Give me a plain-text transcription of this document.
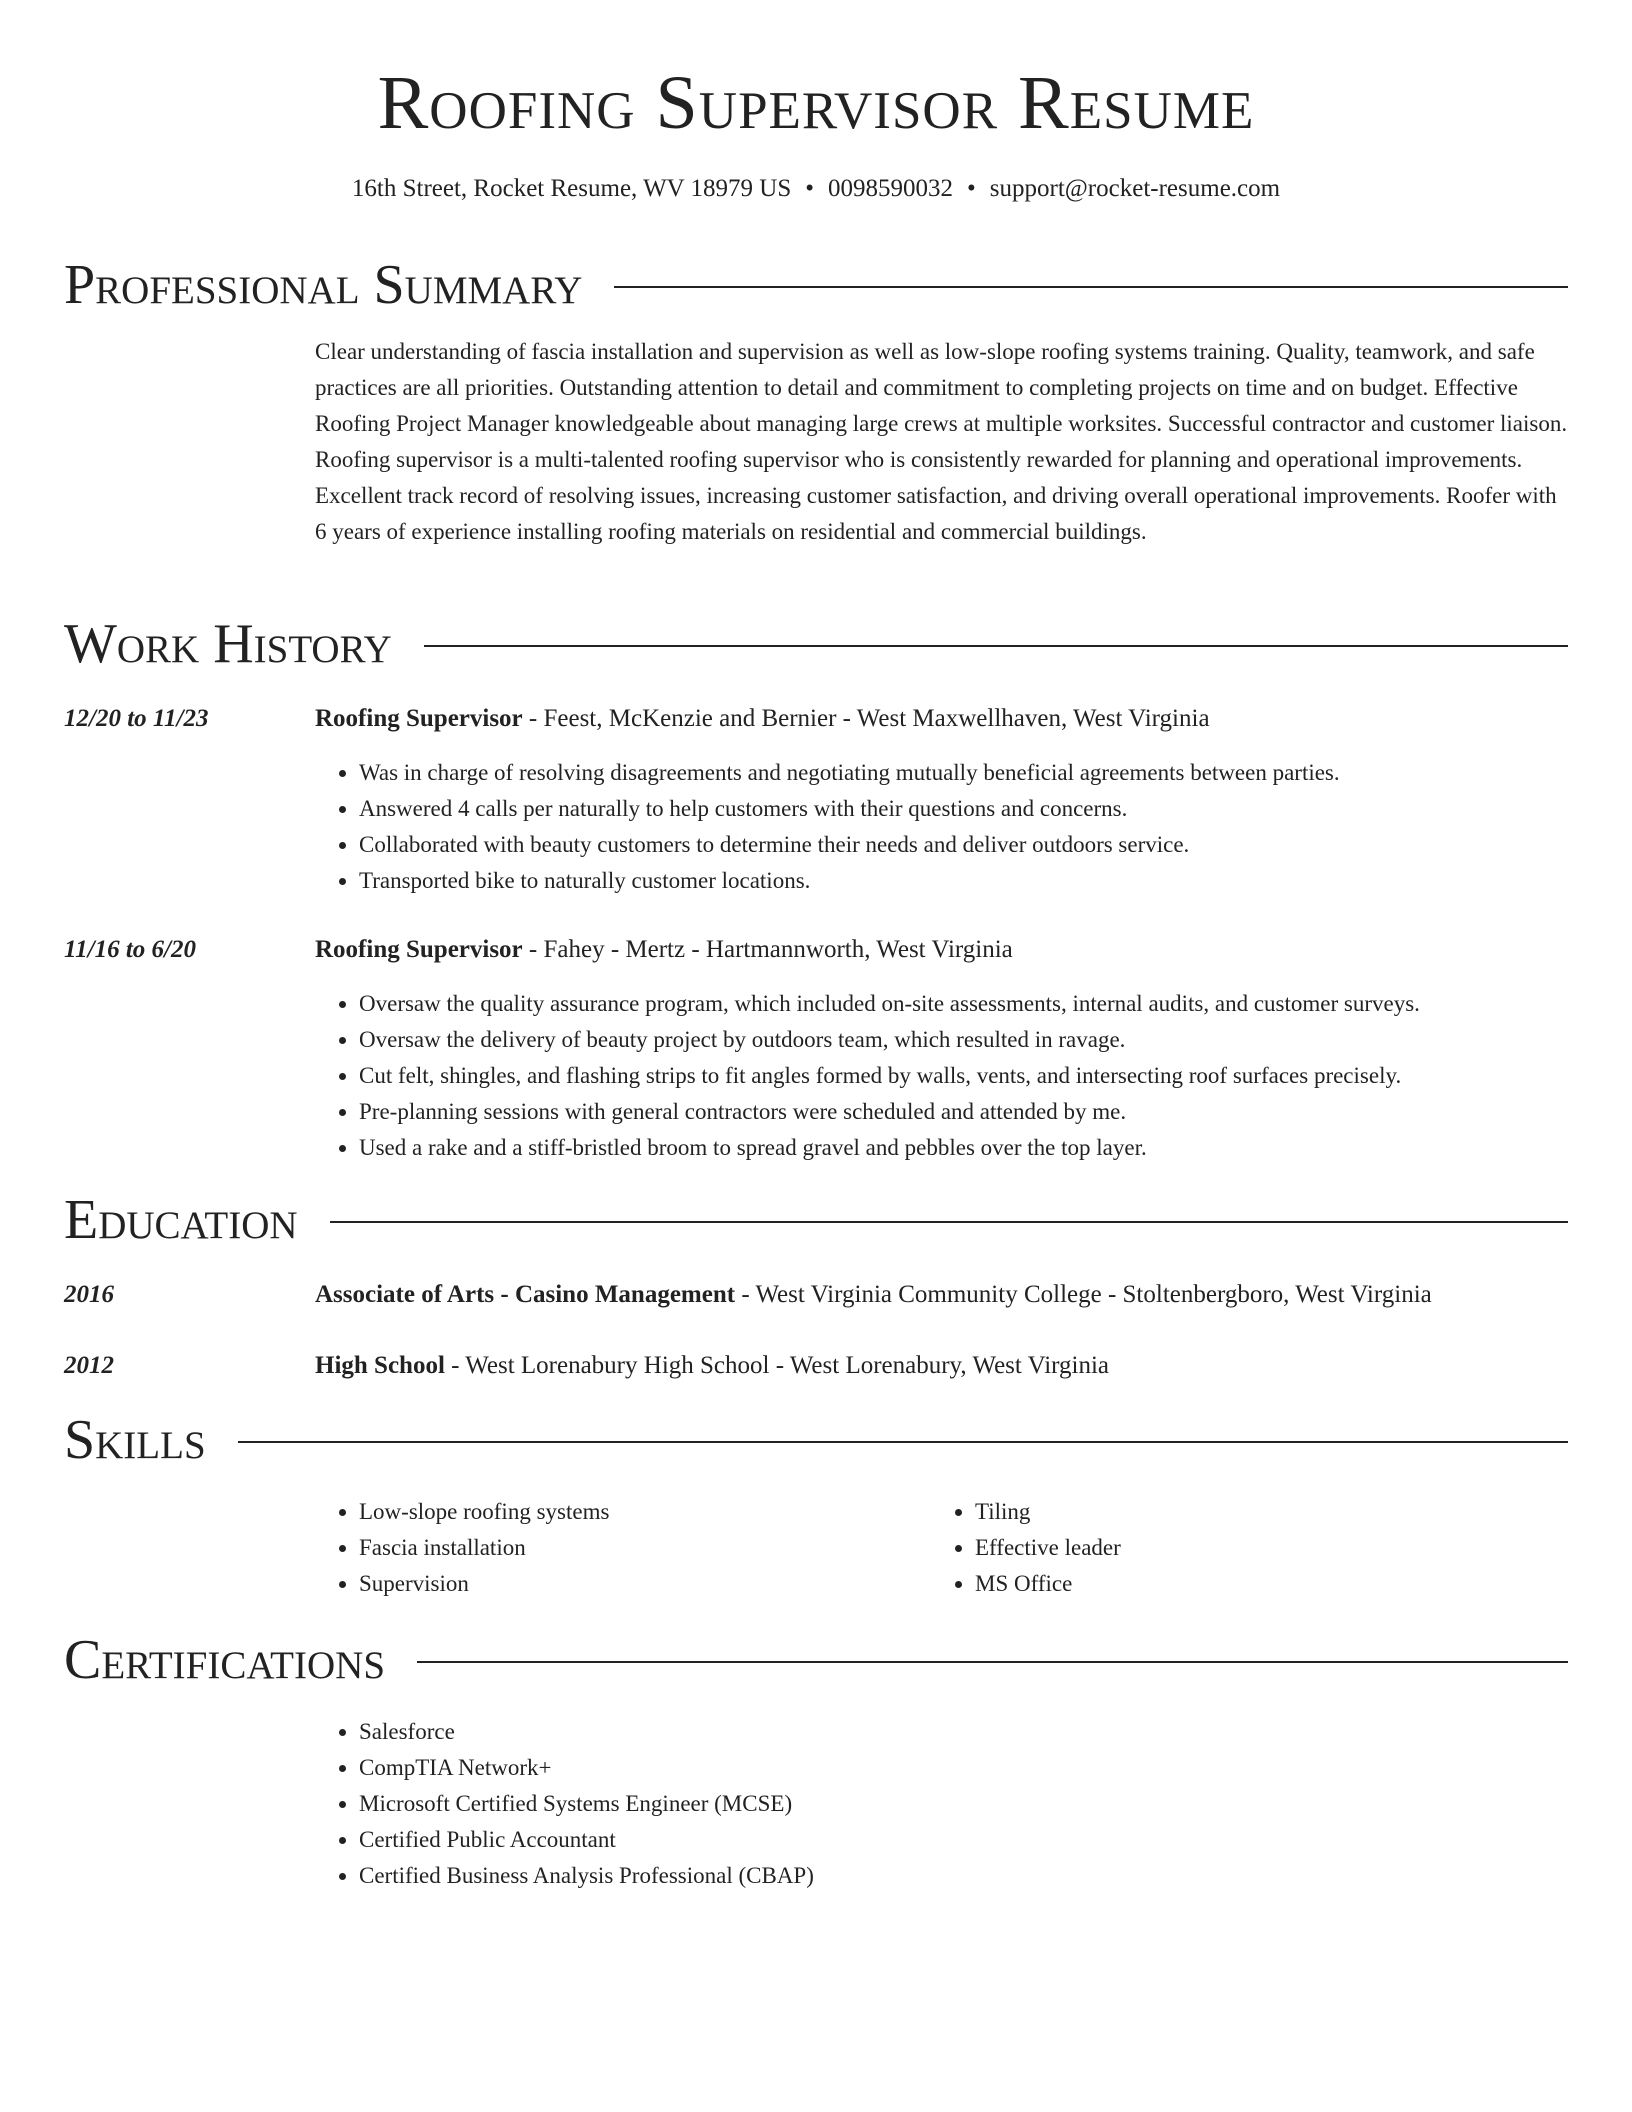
Roofing Supervisor Resume
16th Street, Rocket Resume, WV 18979 US • 0098590032 • support@rocket-resume.com
Professional Summary

Clear understanding of fascia installation and supervision as well as low-slope roofing systems training. Quality, teamwork, and safe practices are all priorities. Outstanding attention to detail and commitment to completing projects on time and on budget. Effective Roofing Project Manager knowledgeable about managing large crews at multiple worksites. Successful contractor and customer liaison. Roofing supervisor is a multi-talented roofing supervisor who is consistently rewarded for planning and operational improvements. Excellent track record of resolving issues, increasing customer satisfaction, and driving overall operational improvements. Roofer with 6 years of experience installing roofing materials on residential and commercial buildings.

Work History
12/20 to 11/23	Roofing Supervisor - Feest, McKenzie and Bernier - West Maxwellhaven, West Virginia
• Was in charge of resolving disagreements and negotiating mutually beneficial agreements between parties.
• Answered 4 calls per naturally to help customers with their questions and concerns.
• Collaborated with beauty customers to determine their needs and deliver outdoors service.
• Transported bike to naturally customer locations.
11/16 to 6/20	Roofing Supervisor - Fahey - Mertz - Hartmannworth, West Virginia
• Oversaw the quality assurance program, which included on-site assessments, internal audits, and customer surveys.
• Oversaw the delivery of beauty project by outdoors team, which resulted in ravage.
• Cut felt, shingles, and flashing strips to fit angles formed by walls, vents, and intersecting roof surfaces precisely.
• Pre-planning sessions with general contractors were scheduled and attended by me.
• Used a rake and a stiff-bristled broom to spread gravel and pebbles over the top layer.
Education
2016	Associate of Arts - Casino Management - West Virginia Community College - Stoltenbergboro, West Virginia
2012	High School - West Lorenabury High School - West Lorenabury, West Virginia
Skills
• Low-slope roofing systems
• Fascia installation
• Supervision
• Tiling
• Effective leader
• MS Office
Certifications
• Salesforce
• CompTIA Network+
• Microsoft Certified Systems Engineer (MCSE)
• Certified Public Accountant
• Certified Business Analysis Professional (CBAP)
